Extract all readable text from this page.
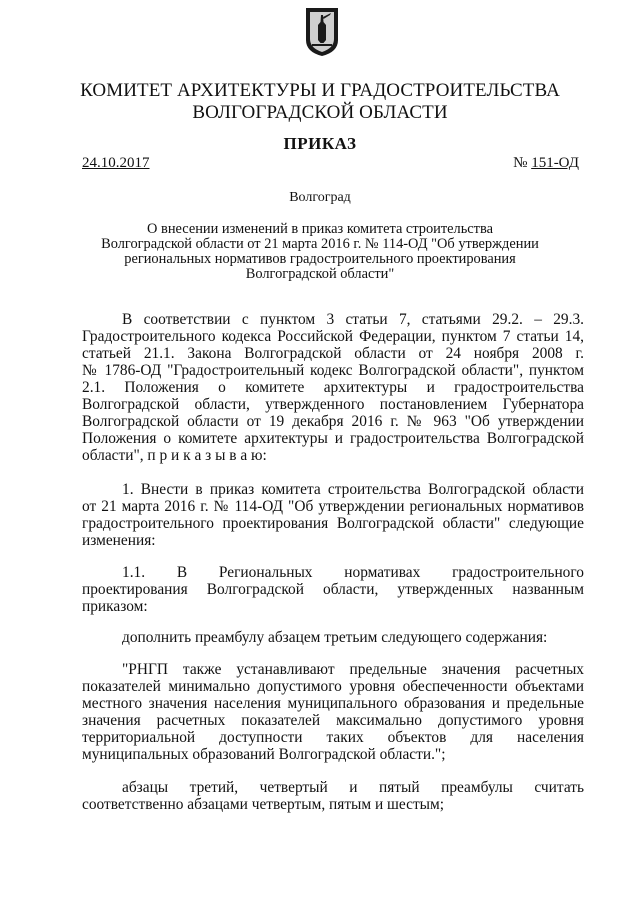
КОМИТЕТ АРХИТЕКТУРЫ И ГРАДОСТРОИТЕЛЬСТВА
ВОЛГОГРАДСКОЙ ОБЛАСТИ
ПРИКАЗ
24.10.2017	№ 151-ОД
Волгоград
О внесении изменений в приказ комитета строительства
Волгоградской области от 21 марта 2016 г. № 114-ОД "Об утверждении
региональных нормативов градостроительного проектирования
Волгоградской области"
В соответствии с пунктом 3 статьи 7, статьями 29.2. – 29.3.
Градостроительного кодекса Российской Федерации, пунктом 7 статьи 14,
статьей 21.1. Закона Волгоградской области от 24 ноября 2008 г.
№ 1786-ОД "Градостроительный кодекс Волгоградской области", пунктом
2.1. Положения о комитете архитектуры и градостроительства
Волгоградской области, утвержденного постановлением Губернатора
Волгоградской области от 19 декабря 2016 г. № 963 "Об утверждении
Положения о комитете архитектуры и градостроительства Волгоградской
области", п р и к а з ы в а ю:
1. Внести в приказ комитета строительства Волгоградской области
от 21 марта 2016 г. № 114-ОД "Об утверждении региональных нормативов
градостроительного проектирования Волгоградской области" следующие
изменения:
1.1. В Региональных нормативах градостроительного
проектирования Волгоградской области, утвержденных названным
приказом:
дополнить преамбулу абзацем третьим следующего содержания:
"РНГП также устанавливают предельные значения расчетных
показателей минимально допустимого уровня обеспеченности объектами
местного значения населения муниципального образования и предельные
значения расчетных показателей максимально допустимого уровня
территориальной доступности таких объектов для населения
муниципальных образований Волгоградской области.";
абзацы третий, четвертый и пятый преамбулы считать
соответственно абзацами четвертым, пятым и шестым;
